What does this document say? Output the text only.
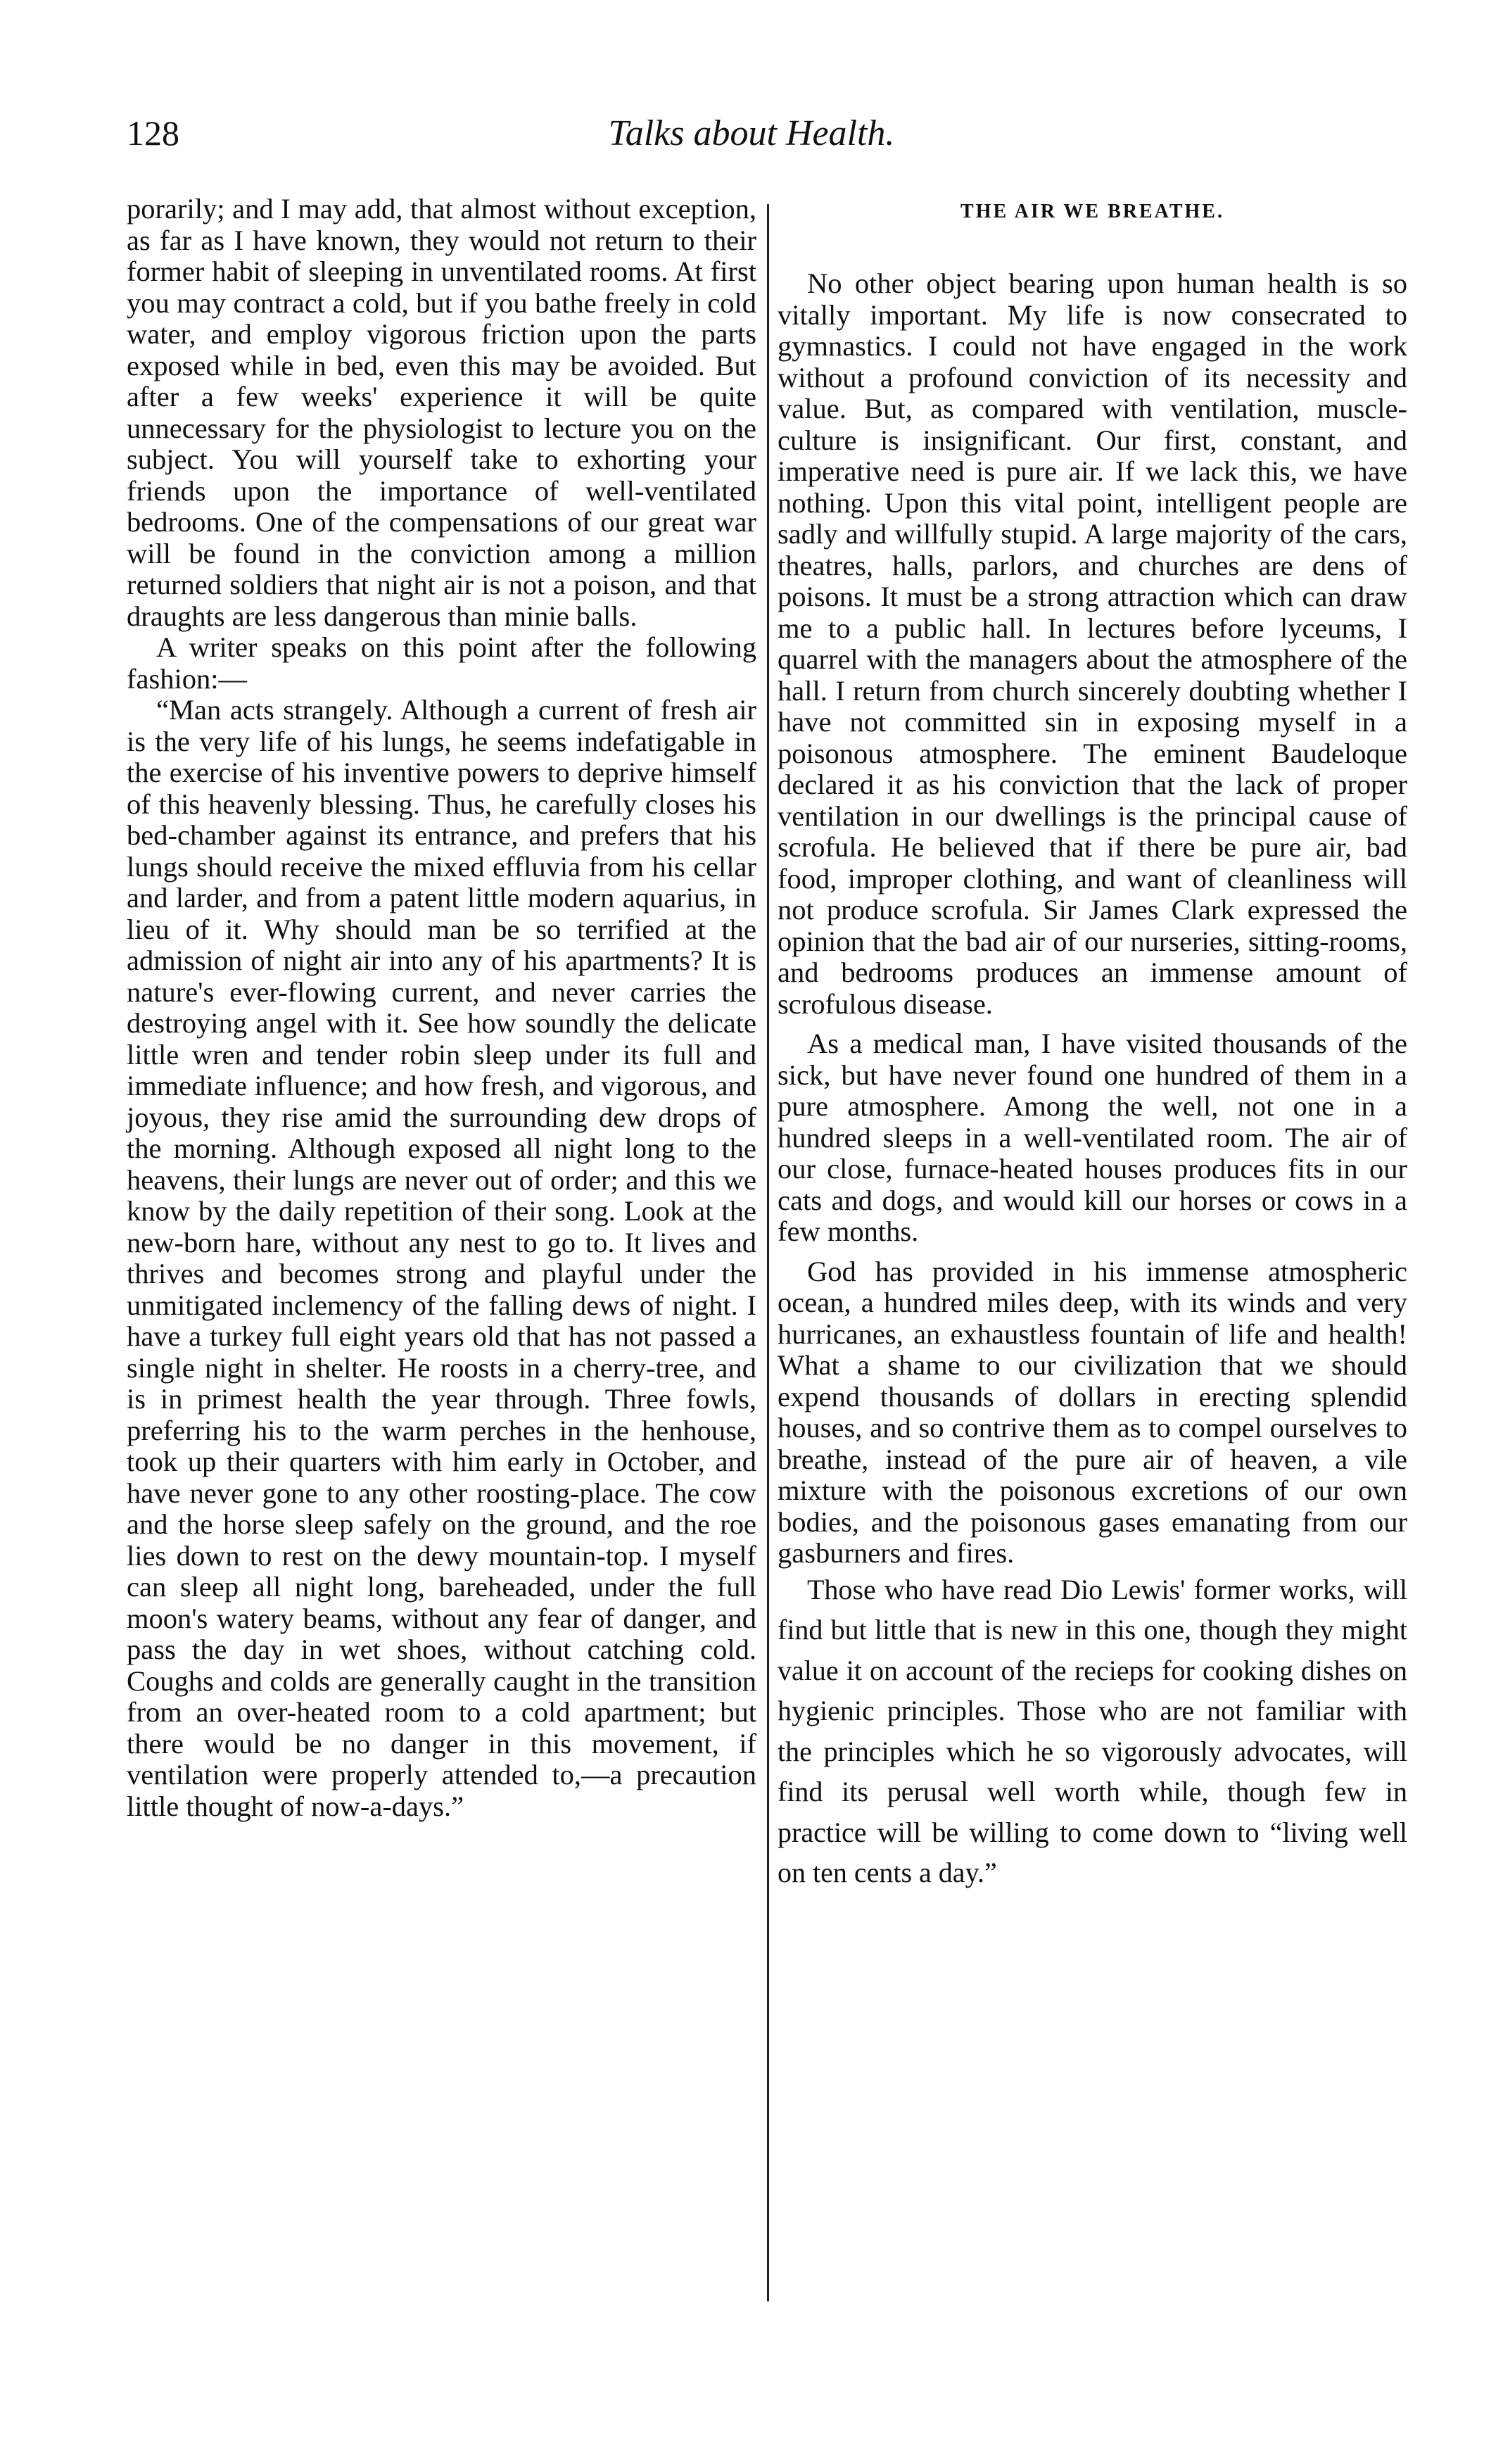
128	Talks about Health.

porarily; and I may add, that almost without exception, as far as I have known, they would not return to their former habit of sleeping in unventilated rooms. At first you may contract a cold, but if you bathe freely in cold water, and employ vigorous friction upon the parts exposed while in bed, even this may be avoided. But after a few weeks' experience it will be quite unnecessary for the physiologist to lecture you on the subject. You will yourself take to exhorting your friends upon the importance of well-ventilated bedrooms. One of the compensations of our great war will be found in the conviction among a million returned soldiers that night air is not a poison, and that draughts are less dangerous than minie balls.

A writer speaks on this point after the following fashion:—

“Man acts strangely. Although a current of fresh air is the very life of his lungs, he seems indefatigable in the exercise of his inventive powers to deprive himself of this heavenly blessing. Thus, he carefully closes his bed-chamber against its entrance, and prefers that his lungs should receive the mixed effluvia from his cellar and larder, and from a patent little modern aquarius, in lieu of it. Why should man be so terrified at the admission of night air into any of his apartments? It is nature's ever-flowing current, and never carries the destroying angel with it. See how soundly the delicate little wren and tender robin sleep under its full and immediate influence; and how fresh, and vigorous, and joyous, they rise amid the surrounding dew drops of the morning. Although exposed all night long to the heavens, their lungs are never out of order; and this we know by the daily repetition of their song. Look at the new-born hare, without any nest to go to. It lives and thrives and becomes strong and playful under the unmitigated inclemency of the falling dews of night. I have a turkey full eight years old that has not passed a single night in shelter. He roosts in a cherry-tree, and is in primest health the year through. Three fowls, preferring his to the warm perches in the henhouse, took up their quarters with him early in October, and have never gone to any other roosting-place. The cow and the horse sleep safely on the ground, and the roe lies down to rest on the dewy mountain-top. I myself can sleep all night long, bareheaded, under the full moon's watery beams, without any fear of danger, and pass the day in wet shoes, without catching cold. Coughs and colds are generally caught in the transition from an over-heated room to a cold apartment; but there would be no danger in this movement, if ventilation were properly attended to,—a precaution little thought of now-a-days.”

THE AIR WE BREATHE.

No other object bearing upon human health is so vitally important. My life is now consecrated to gymnastics. I could not have engaged in the work without a profound conviction of its necessity and value. But, as compared with ventilation, muscle-culture is insignificant. Our first, constant, and imperative need is pure air. If we lack this, we have nothing. Upon this vital point, intelligent people are sadly and willfully stupid. A large majority of the cars, theatres, halls, parlors, and churches are dens of poisons. It must be a strong attraction which can draw me to a public hall. In lectures before lyceums, I quarrel with the managers about the atmosphere of the hall. I return from church sincerely doubting whether I have not committed sin in exposing myself in a poisonous atmosphere. The eminent Baudeloque declared it as his conviction that the lack of proper ventilation in our dwellings is the principal cause of scrofula. He believed that if there be pure air, bad food, improper clothing, and want of cleanliness will not produce scrofula. Sir James Clark expressed the opinion that the bad air of our nurseries, sitting-rooms, and bedrooms produces an immense amount of scrofulous disease.

As a medical man, I have visited thousands of the sick, but have never found one hundred of them in a pure atmosphere. Among the well, not one in a hundred sleeps in a well-ventilated room. The air of our close, furnace-heated houses produces fits in our cats and dogs, and would kill our horses or cows in a few months.

God has provided in his immense atmospheric ocean, a hundred miles deep, with its winds and very hurricanes, an exhaustless fountain of life and health! What a shame to our civilization that we should expend thousands of dollars in erecting splendid houses, and so contrive them as to compel ourselves to breathe, instead of the pure air of heaven, a vile mixture with the poisonous excretions of our own bodies, and the poisonous gases emanating from our gasburners and fires.

Those who have read Dio Lewis' former works, will find but little that is new in this one, though they might value it on account of the recieps for cooking dishes on hygienic principles. Those who are not familiar with the principles which he so vigorously advocates, will find its perusal well worth while, though few in practice will be willing to come down to “living well on ten cents a day.”
